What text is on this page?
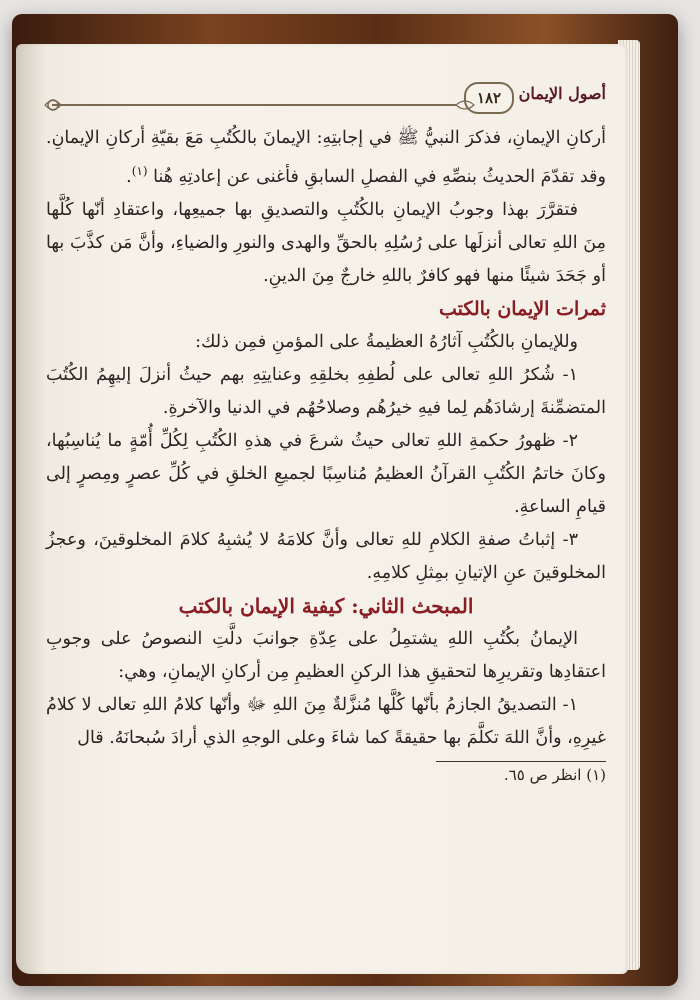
أصول الإيمان
١٨٢

أركانِ الإيمانِ، فذكرَ النبيُّ ﷺ في إجابتِهِ: الإيمانَ بالكُتُبِ مَعَ بقيّةِ أركانِ الإيمانِ. وقد تقدّمَ الحديثُ بنصِّهِ في الفصلِ السابقِ فأغنى عن إعادتِهِ هُنا $^{(١)}$.

فتقرَّرَ بهذا وجوبُ الإيمانِ بالكُتُبِ والتصديقِ بها جميعِها، واعتقادِ أنّها كُلَّها مِنَ اللهِ تعالى أنزلَها على رُسُلِهِ بالحقِّ والهدى والنورِ والضياءِ، وأنَّ مَن كذَّبَ بها أو جَحَدَ شيئًا منها فهو كافرٌ باللهِ خارجٌ مِنَ الدينِ.

ثمرات الإيمان بالكتب

وللإيمانِ بالكُتُبِ آثارُهُ العظيمةُ على المؤمنِ فمِن ذلك:

١- شُكرُ اللهِ تعالى على لُطفِهِ بخلقِهِ وعنايتِهِ بهم حيثُ أنزلَ إليهِمُ الكُتُبَ المتضمِّنةَ إرشادَهُم لِما فيهِ خيرُهُم وصلاحُهُم في الدنيا والآخرةِ.

٢- ظهورُ حكمةِ اللهِ تعالى حيثُ شرعَ في هذهِ الكُتُبِ لِكُلِّ أُمّةٍ ما يُناسِبُها، وكانَ خاتمُ الكُتُبِ القرآنُ العظيمُ مُناسِبًا لجميعِ الخلقِ في كُلِّ عصرٍ ومِصرٍ إلى قيامِ الساعةِ.

٣- إثباتُ صفةِ الكلامِ للهِ تعالى وأنَّ كلامَهُ لا يُشبِهُ كلامَ المخلوقينَ، وعجزُ المخلوقينَ عنِ الإتيانِ بمِثلِ كلامِهِ.

المبحث الثاني: كيفية الإيمان بالكتب

الإيمانُ بكُتُبِ اللهِ يشتمِلُ على عِدّةِ جوانبَ دلَّتِ النصوصُ على وجوبِ اعتقادِها وتقريرِها لتحقيقِ هذا الركنِ العظيمِ مِن أركانِ الإيمانِ، وهي:

١- التصديقُ الجازمُ بأنّها كُلَّها مُنزَّلةٌ مِنَ اللهِ ﷻ وأنّها كلامُ اللهِ تعالى لا كلامُ غيرِهِ، وأنَّ اللهَ تكلَّمَ بها حقيقةً كما شاءَ وعلى الوجهِ الذي أرادَ سُبحانَهُ. قال

(١) انظر ص ٦٥.
